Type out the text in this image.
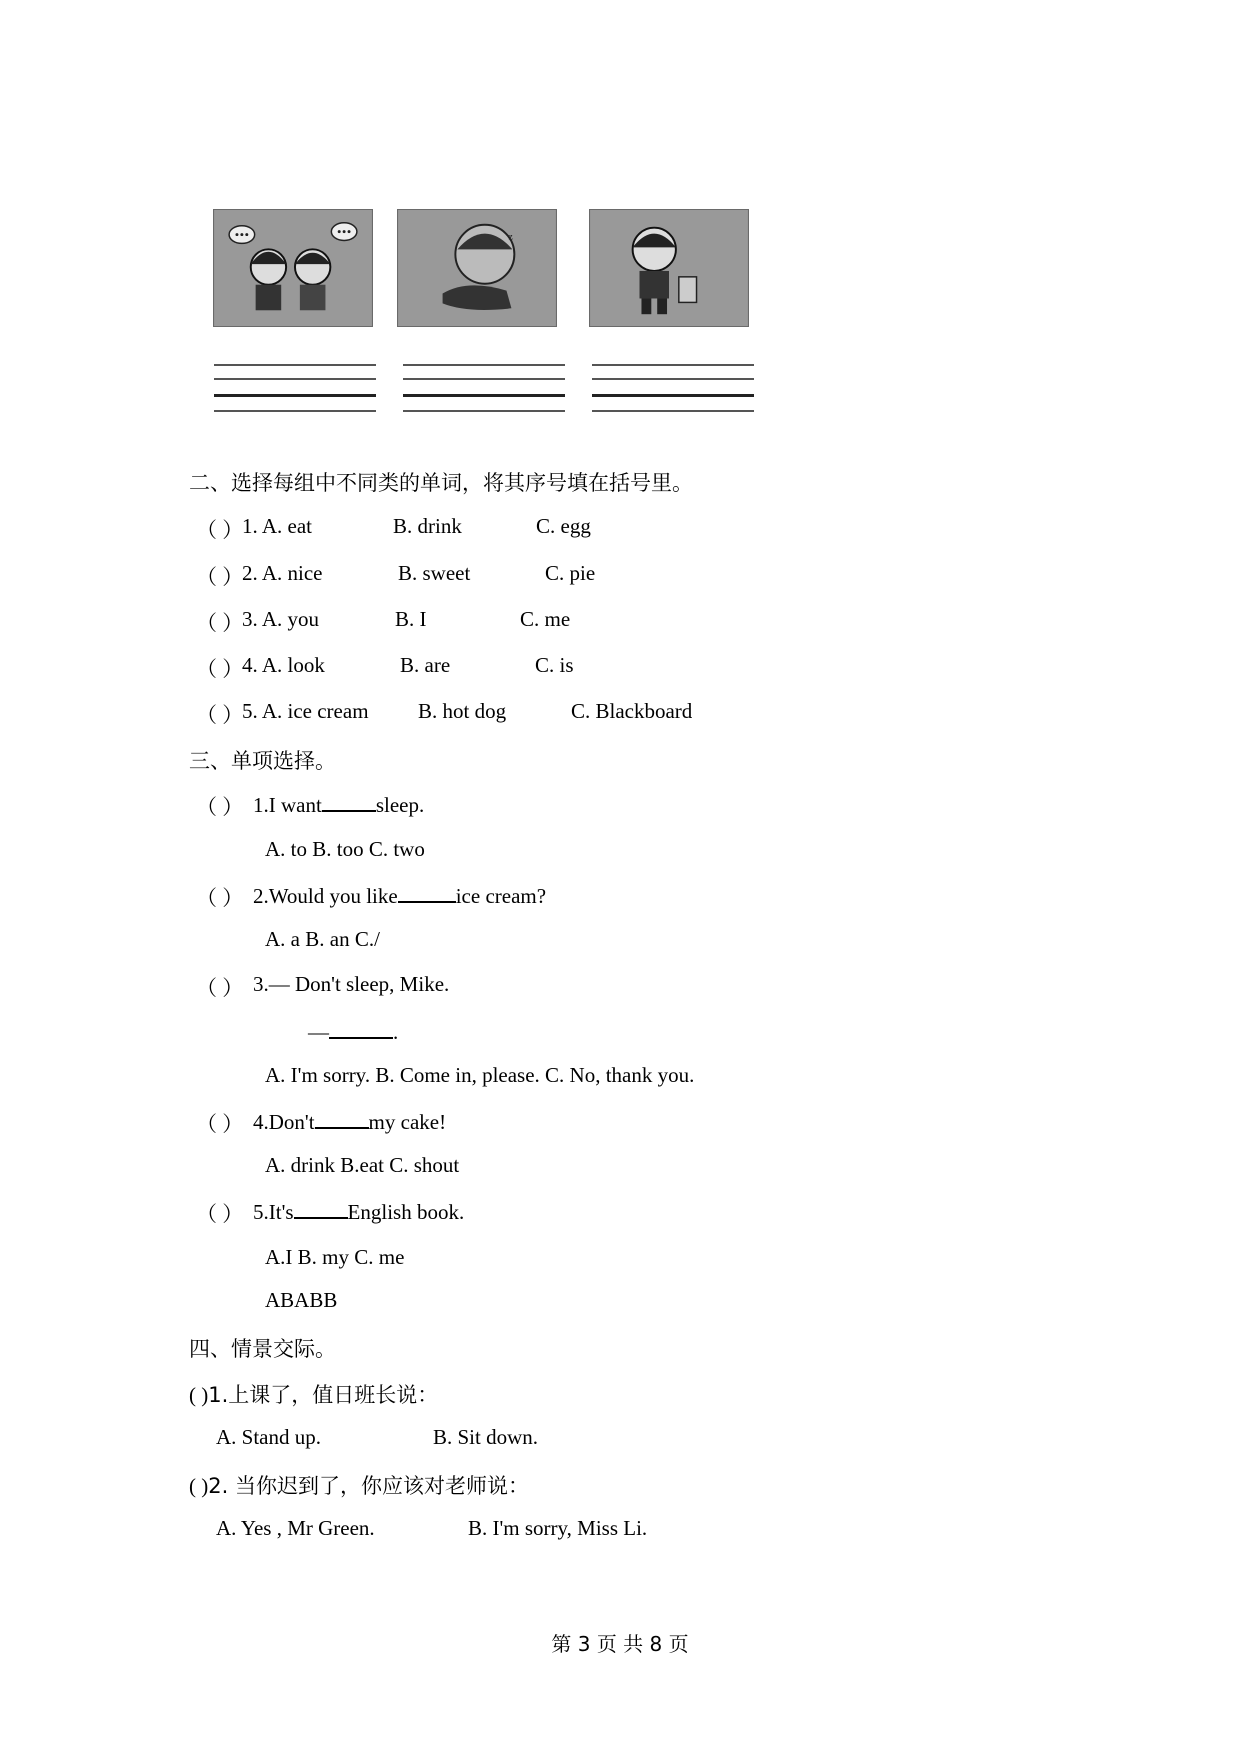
z
二、选择每组中不同类的单词，将其序号填在括号里。
（ ）
1. A. eat	B. drink	C. egg
（ ）
2. A. nice	B. sweet	C. pie
（ ）
3. A. you	B. I	C. me
（ ）
4. A. look	B. are	C. is
（ ）
5. A. ice cream B. hot dog	C. Blackboard
三、单项选择。
（ ） 1.I want	sleep.
A. to B. too C. two
（ ） 2.Would you like	ice cream?
A. a B. an C./
（ ） 3.— Don't sleep, Mike.
—	.
A. I'm sorry. B. Come in, please. C. No, thank you.
（ ） 4.Don't	my cake!
A. drink B.eat C. shout
（ ） 5.It's	English book.
A.I B. my C. me
ABABB
四、情景交际。
( )1.上课了，值日班长说：
A. Stand up.	B. Sit down.
( )2. 当你迟到了，你应该对老师说：
A. Yes , Mr Green.	B. I'm sorry, Miss Li.
第 3 页 共 8 页
